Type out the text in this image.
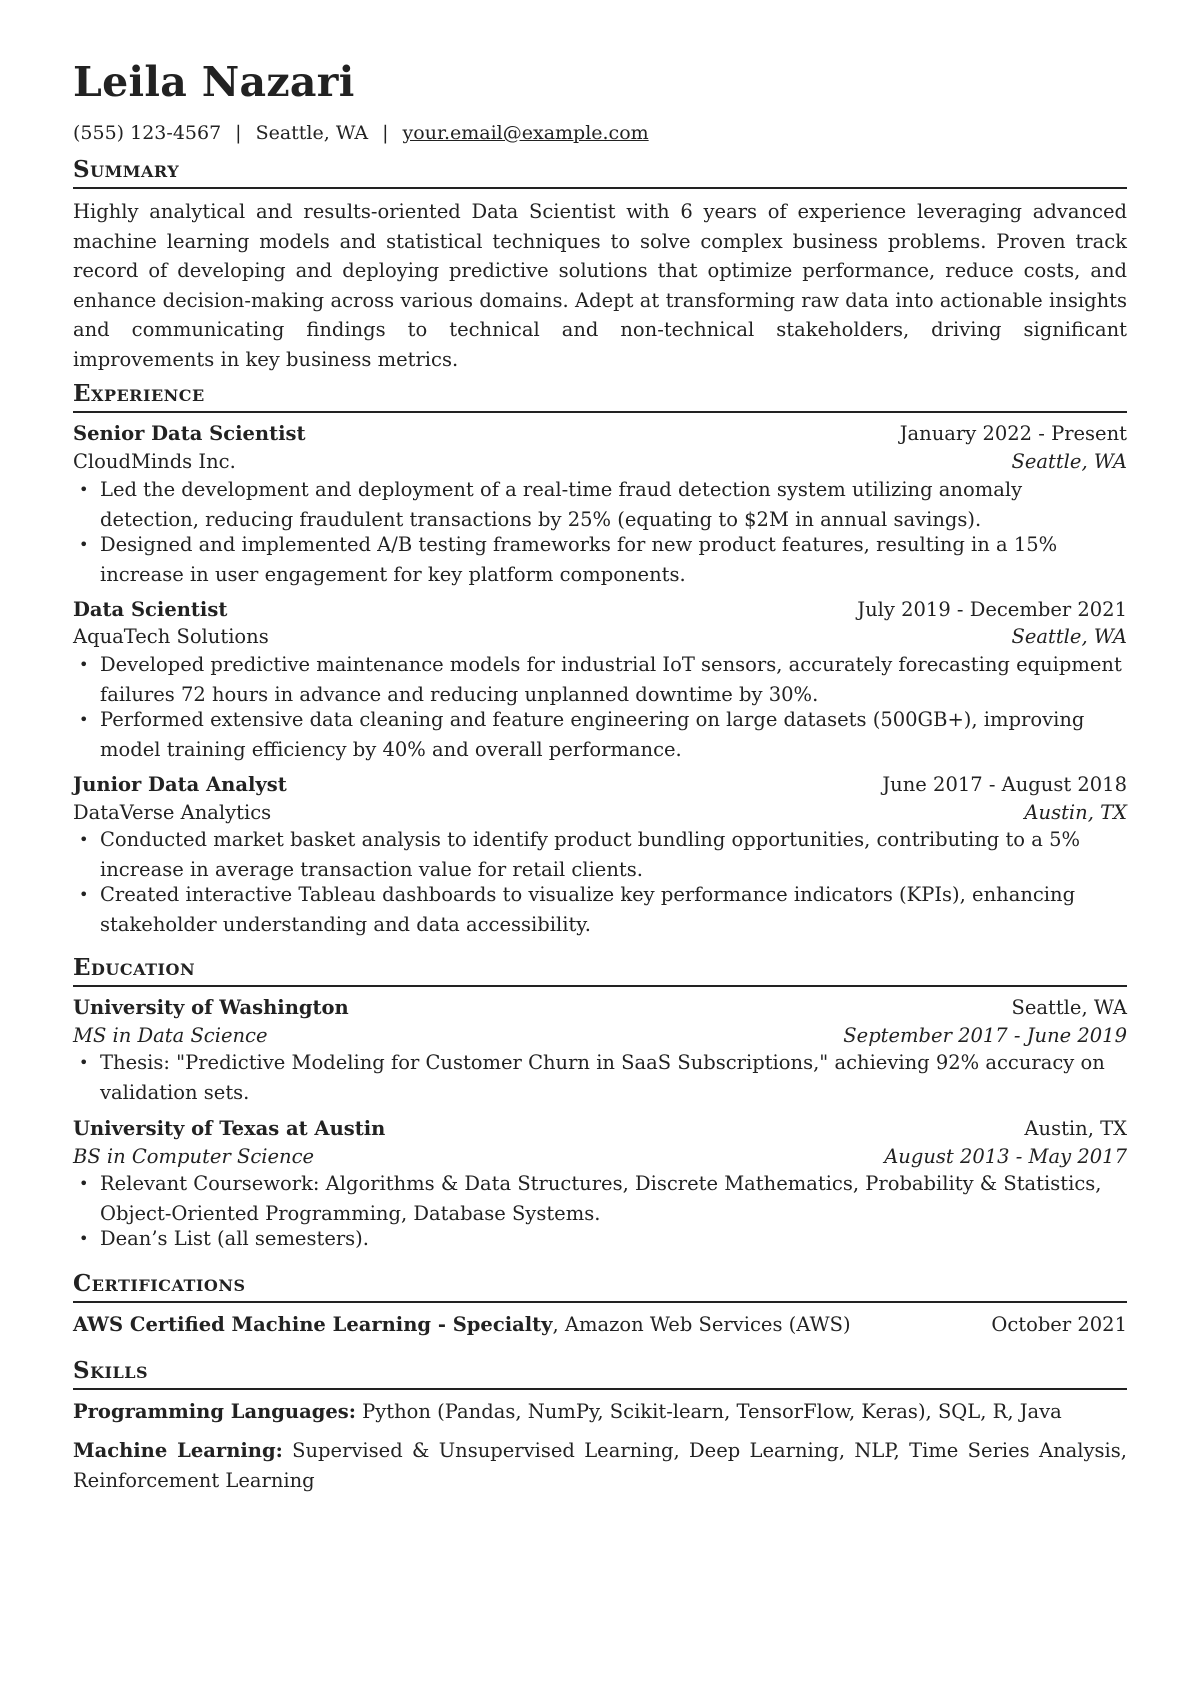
Leila Nazari
(555) 123-4567 | Seattle, WA | your.email@example.com
Summary
Highly analytical and results-oriented Data Scientist with 6 years of experience leveraging advanced machine learning models and statistical techniques to solve complex business problems. Proven track record of developing and deploying predictive solutions that optimize performance, reduce costs, and enhance decision-making across various domains. Adept at transforming raw data into actionable insights and communicating findings to technical and non-technical stakeholders, driving significant improvements in key business metrics.
Experience
Senior Data Scientist	January 2022 - Present
CloudMinds Inc.	Seattle, WA
• Led the development and deployment of a real-time fraud detection system utilizing anomaly detection, reducing fraudulent transactions by 25% (equating to $2M in annual savings).
• Designed and implemented A/B testing frameworks for new product features, resulting in a 15% increase in user engagement for key platform components.
Data Scientist	July 2019 - December 2021
AquaTech Solutions	Seattle, WA
• Developed predictive maintenance models for industrial IoT sensors, accurately forecasting equipment failures 72 hours in advance and reducing unplanned downtime by 30%.
• Performed extensive data cleaning and feature engineering on large datasets (500GB+), improving model training efficiency by 40% and overall performance.
Junior Data Analyst	June 2017 - August 2018
DataVerse Analytics	Austin, TX
• Conducted market basket analysis to identify product bundling opportunities, contributing to a 5% increase in average transaction value for retail clients.
• Created interactive Tableau dashboards to visualize key performance indicators (KPIs), enhancing stakeholder understanding and data accessibility.
Education
University of Washington	Seattle, WA
MS in Data Science	September 2017 - June 2019
• Thesis: "Predictive Modeling for Customer Churn in SaaS Subscriptions," achieving 92% accuracy on validation sets.
University of Texas at Austin	Austin, TX
BS in Computer Science	August 2013 - May 2017
• Relevant Coursework: Algorithms & Data Structures, Discrete Mathematics, Probability & Statistics, Object-Oriented Programming, Database Systems.
• Dean’s List (all semesters).
Certifications
AWS Certified Machine Learning - Specialty, Amazon Web Services (AWS)	October 2021
Skills
Programming Languages: Python (Pandas, NumPy, Scikit-learn, TensorFlow, Keras), SQL, R, Java
Machine Learning: Supervised & Unsupervised Learning, Deep Learning, NLP, Time Series Analysis, Reinforcement Learning
